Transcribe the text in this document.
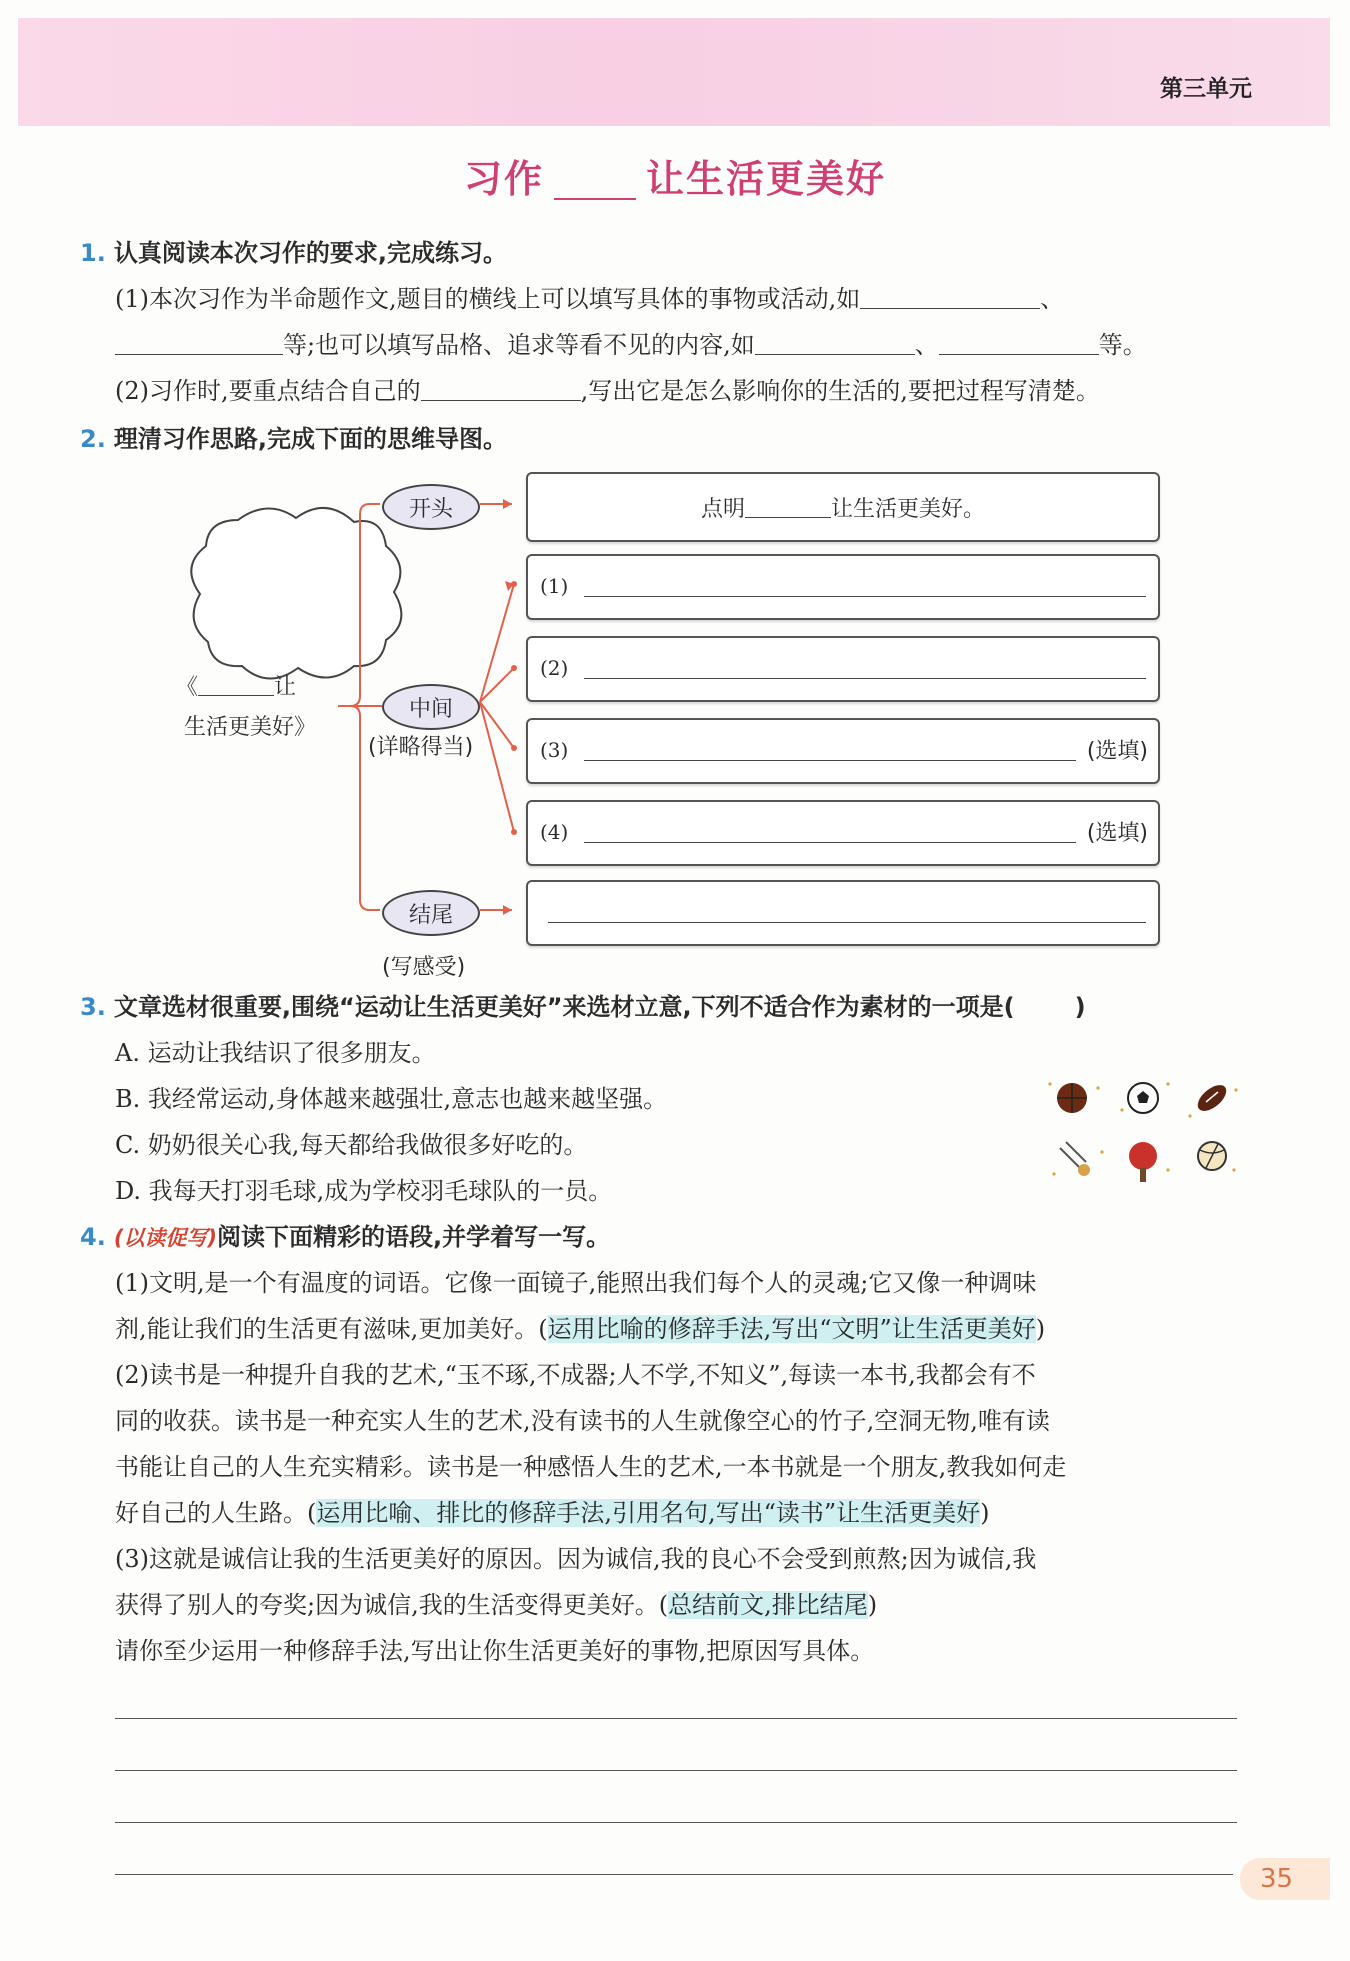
第三单元
习作	让生活更美好
1. 认真阅读本次习作的要求,完成练习。
(1)本次习作为半命题作文,题目的横线上可以填写具体的事物或活动,如	、
等;也可以填写品格、追求等看不见的内容,如	、	等。
(2)习作时,要重点结合自己的	,写出它是怎么影响你的生活的,要把过程写清楚。
2. 理清习作思路,完成下面的思维导图。
《	让
生活更美好》
开头
中间
(详略得当)
结尾
(写感受)
点明	让生活更美好。
(1)
(2)
(3)	(选填)
(4)	(选填)
3. 文章选材很重要,围绕“运动让生活更美好”来选材立意,下列不适合作为素材的一项是(	)
A. 运动让我结识了很多朋友。
B. 我经常运动,身体越来越强壮,意志也越来越坚强。
C. 奶奶很关心我,每天都给我做很多好吃的。
D. 我每天打羽毛球,成为学校羽毛球队的一员。
4. (以读促写)阅读下面精彩的语段,并学着写一写。
(1)文明,是一个有温度的词语。它像一面镜子,能照出我们每个人的灵魂;它又像一种调味
剂,能让我们的生活更有滋味,更加美好。(运用比喻的修辞手法,写出“文明”让生活更美好)
(2)读书是一种提升自我的艺术,“玉不琢,不成器;人不学,不知义”,每读一本书,我都会有不
同的收获。读书是一种充实人生的艺术,没有读书的人生就像空心的竹子,空洞无物,唯有读
书能让自己的人生充实精彩。读书是一种感悟人生的艺术,一本书就是一个朋友,教我如何走
好自己的人生路。(运用比喻、排比的修辞手法,引用名句,写出“读书”让生活更美好)
(3)这就是诚信让我的生活更美好的原因。因为诚信,我的良心不会受到煎熬;因为诚信,我
获得了别人的夸奖;因为诚信,我的生活变得更美好。(总结前文,排比结尾)
请你至少运用一种修辞手法,写出让你生活更美好的事物,把原因写具体。
35
